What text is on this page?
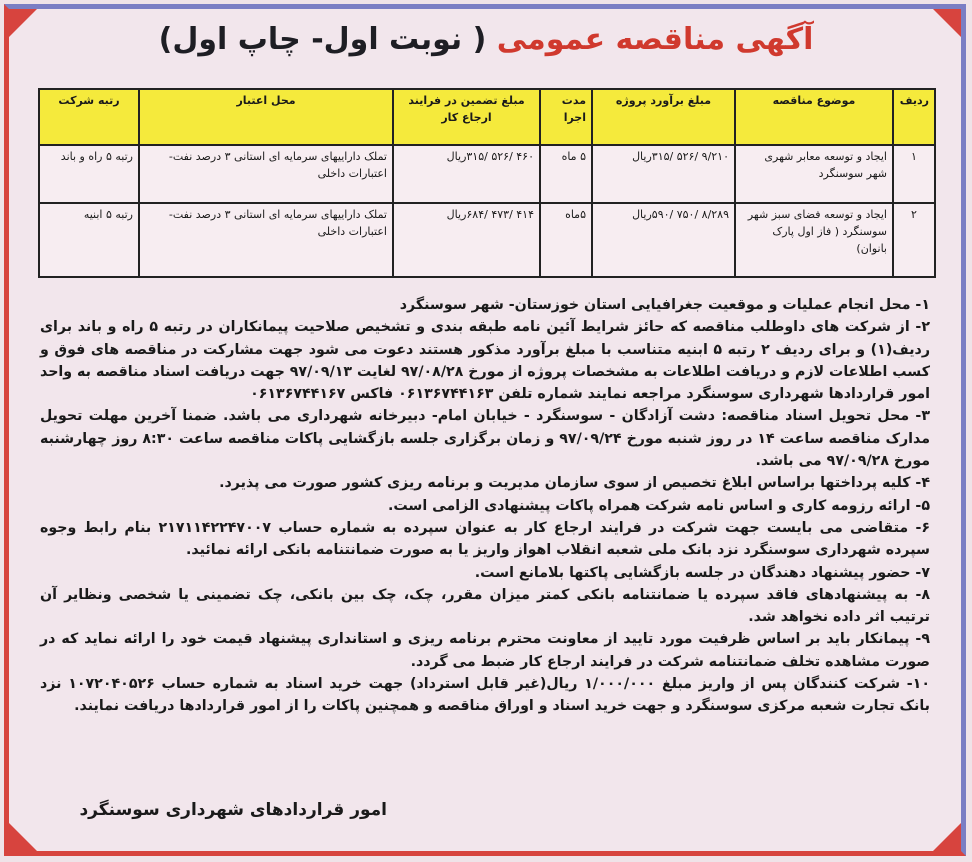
آگهی مناقصه عمومی ( نوبت اول- چاپ اول)
ردیف	موضوع مناقصه	مبلغ برآورد پروژه	مدت اجرا	مبلغ تضمین در فرایند ارجاع کار	محل اعتبار	رتبه شرکت
۱	ایجاد و توسعه معابر شهری شهر سوسنگرد	۹/۲۱۰ /۵۲۶ /۳۱۵ریال	۵ ماه	۴۶۰ /۵۲۶ /۳۱۵ریال	تملک داراییهای سرمایه ای استانی ۳ درصد نفت- اعتبارات داخلی	رتبه ۵ راه و باند
۲	ایجاد و توسعه فضای سبز شهر سوسنگرد ( فاز اول پارک بانوان)	۸/۲۸۹ /۷۵۰ /۵۹۰ریال	۵ماه	۴۱۴ /۴۷۳ /۶۸۴ریال	تملک داراییهای سرمایه ای استانی ۳ درصد نفت- اعتبارات داخلی	رتبه ۵ ابنیه

۱- محل انجام عملیات و موقعیت جغرافیایی استان خوزستان- شهر سوسنگرد

۲- از شرکت های داوطلب مناقصه که حائز شرایط آئین نامه طبقه بندی و تشخیص صلاحیت پیمانکاران در رتبه ۵ راه و باند برای ردیف(۱) و برای ردیف ۲ رتبه ۵ ابنیه متناسب با مبلغ برآورد مذکور هستند دعوت می شود جهت مشارکت در مناقصه های فوق و کسب اطلاعات لازم و دریافت اطلاعات به مشخصات پروژه از مورخ ۹۷/۰۸/۲۸ لغایت ۹۷/۰۹/۱۳ جهت دریافت اسناد مناقصه به واحد امور قراردادها شهرداری سوسنگرد مراجعه نمایند شماره تلفن ۰۶۱۳۶۷۴۴۱۶۳ فاکس ۰۶۱۳۶۷۴۴۱۶۷

۳- محل تحویل اسناد مناقصه: دشت آزادگان - سوسنگرد - خیابان امام- دبیرخانه شهرداری می باشد. ضمنا آخرین مهلت تحویل مدارک مناقصه ساعت ۱۴ در روز شنبه مورخ ۹۷/۰۹/۲۴ و زمان برگزاری جلسه بازگشایی پاکات مناقصه ساعت ۸:۳۰ روز چهارشنبه مورخ ۹۷/۰۹/۲۸ می باشد.

۴- کلیه پرداختها براساس ابلاغ تخصیص از سوی سازمان مدیریت و برنامه ریزی کشور صورت می پذیرد.

۵- ارائه رزومه کاری و اساس نامه شرکت همراه پاکات پیشنهادی الزامی است.

۶- متقاضی می بایست جهت شرکت در فرایند ارجاع کار به عنوان سپرده به شماره حساب ۲۱۷۱۱۴۲۲۴۷۰۰۷ بنام رابط وجوه سپرده شهرداری سوسنگرد نزد بانک ملی شعبه انقلاب اهواز واریز یا به صورت ضمانتنامه بانکی ارائه نمائید.

۷- حضور پیشنهاد دهندگان در جلسه بازگشایی پاکتها بلامانع است.

۸- به پیشنهادهای فاقد سپرده یا ضمانتنامه بانکی کمتر میزان مقرر، چک، چک بین بانکی، چک تضمینی یا شخصی ونظایر آن ترتیب اثر داده نخواهد شد.

۹- پیمانکار باید بر اساس ظرفیت مورد تایید از معاونت محترم برنامه ریزی و استانداری پیشنهاد قیمت خود را ارائه نماید که در صورت مشاهده تخلف ضمانتنامه شرکت در فرایند ارجاع کار ضبط می گردد.

۱۰- شرکت کنندگان پس از واریز مبلغ ۱/۰۰۰/۰۰۰ ریال(غیر قابل استرداد) جهت خرید اسناد به شماره حساب ۱۰۷۲۰۴۰۵۲۶ نزد بانک تجارت شعبه مرکزی سوسنگرد و جهت خرید اسناد و اوراق مناقصه و همچنین پاکات را از امور قراردادها دریافت نمایند.

امور قراردادهای شهرداری سوسنگرد
